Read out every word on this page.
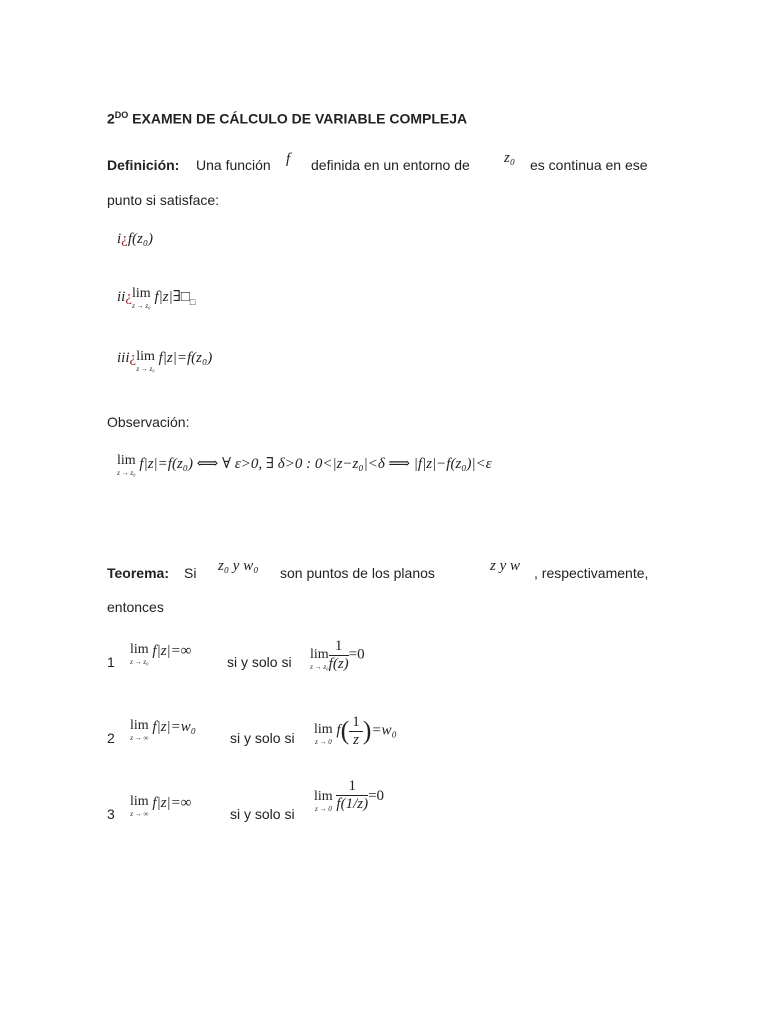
$2^{DO}$ EXAMEN DE CÁLCULO DE VARIABLE COMPLEJA
Definición: Una función f definida en un entorno de z₀ es continua en ese
punto si satisface:
i¿f(z₀)
ii¿ lim
z → z₀
$f|z|\exists□_□$
iii¿ lim
z → z₀
f|z|=f(z₀)
Observación:
lim
z → z₀
f|z|=f(z₀) ⟺ ∀ ε>0, ∃ δ>0 : 0<|z−z₀|<δ ⟹ |f|z|−f(z₀)|<ε
Teorema: Si z₀ y w₀ son puntos de los planos	z y w , respectivamente,
entonces
1
lim
z → z₀
f|z|=∞
si y solo si lim
$z \to z_0 \frac{1}{f(z)} =0$
2
lim
z → ∞
f|z|=w₀
si y solo si
lim
z → 0
$f( \frac{1}{z} )=w_0$
3
lim
z → ∞
f|z|=∞
si y solo si
lim
z → 0
$\frac{1}{f(1/z)} =0$
